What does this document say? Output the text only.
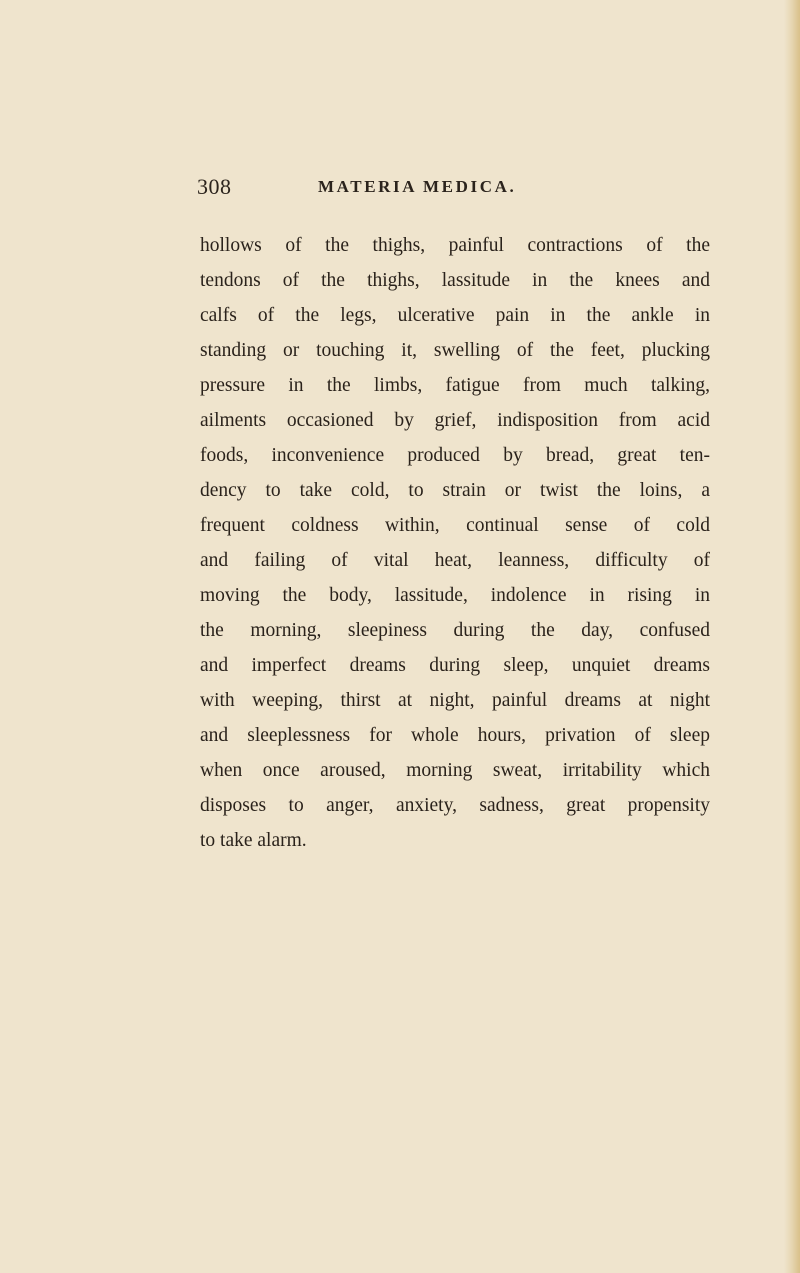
308	MATERIA MEDICA.
hollows of the thighs, painful contractions of the
tendons of the thighs, lassitude in the knees and
calfs of the legs, ulcerative pain in the ankle in
standing or touching it, swelling of the feet, plucking
pressure in the limbs, fatigue from much talking,
ailments occasioned by grief, indisposition from acid
foods, inconvenience produced by bread, great ten-
dency to take cold, to strain or twist the loins, a
frequent coldness within, continual sense of cold
and failing of vital heat, leanness, difficulty of
moving the body, lassitude, indolence in rising in
the morning, sleepiness during the day, confused
and imperfect dreams during sleep, unquiet dreams
with weeping, thirst at night, painful dreams at night
and sleeplessness for whole hours, privation of sleep
when once aroused, morning sweat, irritability which
disposes to anger, anxiety, sadness, great propensity
to take alarm.
